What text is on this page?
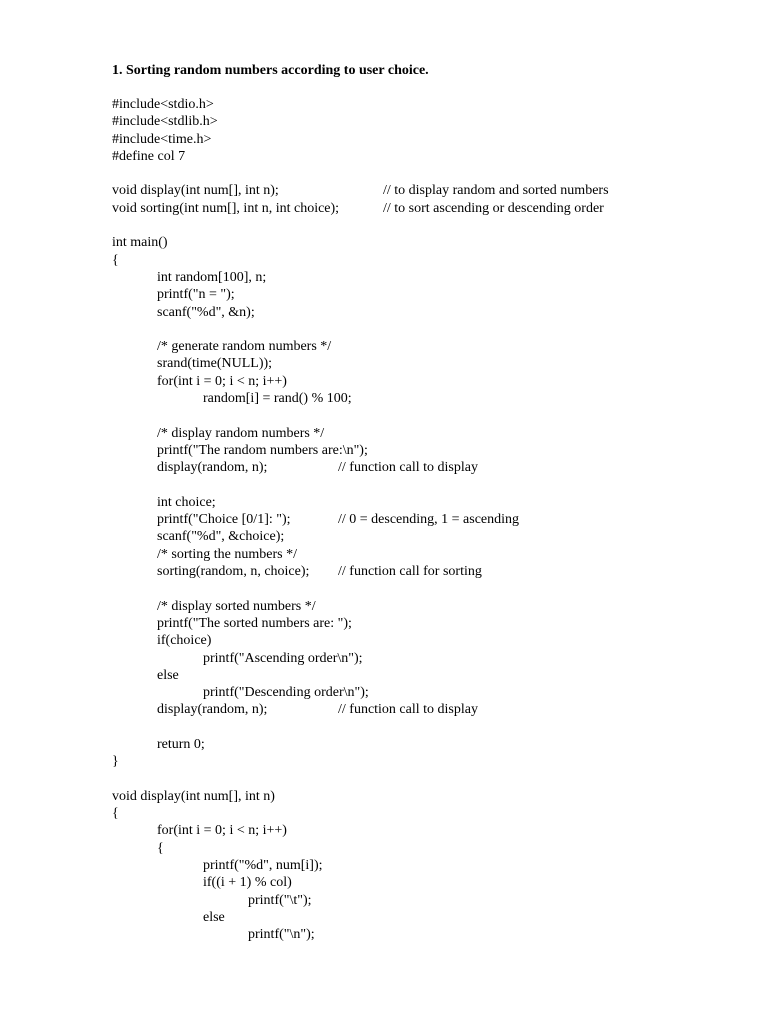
1. Sorting random numbers according to user choice.
#include<stdio.h>
#include<stdlib.h>
#include<time.h>
#define col 7

void display(int num[], int n);

	// to display random and sorted numbers

void sorting(int num[], int n, int choice);

	// to sort ascending or descending order

int main()
{
int random[100], n;
printf("n = ");
scanf("%d", &n);
/* generate random numbers */
srand(time(NULL));
for(int i = 0; i < n; i++)
random[i] = rand() % 100;
/* display random numbers */
printf("The random numbers are:\n");

display(random, n);

	// function call to display

int choice;

printf("Choice [0/1]: ");

	// 0 = descending, 1 = ascending

scanf("%d", &choice);
/* sorting the numbers */

sorting(random, n, choice);

// function call for sorting

/* display sorted numbers */
printf("The sorted numbers are: ");
if(choice)
printf("Ascending order\n");
else
printf("Descending order\n");

display(random, n);

	// function call to display

return 0;
}
void display(int num[], int n)
{
for(int i = 0; i < n; i++)
{
printf("%d", num[i]);
if((i + 1) % col)
printf("\t");
else
printf("\n");
